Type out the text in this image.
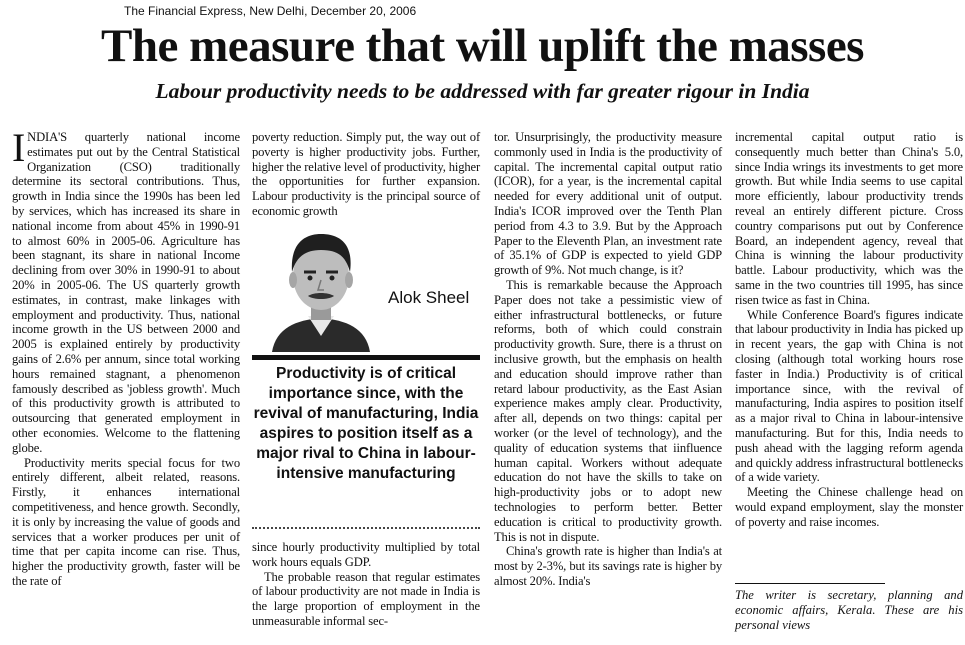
The Financial Express, New Delhi, December 20, 2006
The measure that will uplift the masses
Labour productivity needs to be addressed with far greater rigour in India

INDIA'S quarterly national income estimates put out by the Central Statistical Organization (CSO) traditionally determine its sectoral contributions. Thus, growth in India since the 1990s has been led by services, which has increased its share in national income from about 45% in 1990-91 to almost 60% in 2005-06. Agriculture has been stagnant, its share in national Income declining from over 30% in 1990-91 to about 20% in 2005-06. The US quarterly growth estimates, in contrast, make linkages with employment and productivity. Thus, national income growth in the US between 2000 and 2005 is explained entirely by productivity gains of 2.6% per annum, since total working hours remained stagnant, a phenomenon famously described as 'jobless growth'. Much of this productivity growth is attributed to outsourcing that generated employment in other economies. Welcome to the flattening globe.

Productivity merits special focus for two entirely different, albeit related, reasons. Firstly, it enhances international competitiveness, and hence growth. Secondly, it is only by increasing the value of goods and services that a worker produces per unit of time that per capita income can rise. Thus, higher the productivity growth, faster will be the rate of

poverty reduction. Simply put, the way out of poverty is higher productivity jobs. Further, higher the relative level of productivity, higher the opportunities for further expansion. Labour productivity is the principal source of economic growth

since hourly productivity multiplied by total work hours equals GDP.

The probable reason that regular estimates of labour productivity are not made in India is the large proportion of employment in the unmeasurable informal sec-

Alok Sheel
Productivity is of critical importance since, with the revival of manufacturing, India aspires to position itself as a major rival to China in labour-intensive manufacturing

tor. Unsurprisingly, the productivity measure commonly used in India is the productivity of capital. The incremental capital output ratio (ICOR), for a year, is the incremental capital needed for every additional unit of output. India's ICOR improved over the Tenth Plan period from 4.3 to 3.9. But by the Approach Paper to the Eleventh Plan, an investment rate of 35.1% of GDP is expected to yield GDP growth of 9%. Not much change, is it?

This is remarkable because the Approach Paper does not take a pessimistic view of either infrastructural bottlenecks, or future reforms, both of which could constrain productivity growth. Sure, there is a thrust on inclusive growth, but the emphasis on health and education should improve rather than retard labour productivity, as the East Asian experience makes amply clear. Productivity, after all, depends on two things: capital per worker (or the level of technology), and the quality of education systems that iinfluence human capital. Workers without adequate education do not have the skills to take on high-productivity jobs or to adopt new technologies to perform better. Better education is critical to productivity growth. This is not in dispute.

China's growth rate is higher than India's at most by 2-3%, but its savings rate is higher by almost 20%. India's

incremental capital output ratio is consequently much better than China's 5.0, since India wrings its investments to get more growth. But while India seems to use capital more efficiently, labour productivity trends reveal an entirely different picture. Cross country comparisons put out by Conference Board, an independent agency, reveal that China is winning the labour productivity battle. Labour productivity, which was the same in the two countries till 1995, has since risen twice as fast in China.

While Conference Board's figures indicate that labour productivity in India has picked up in recent years, the gap with China is not closing (although total working hours rose faster in India.) Productivity is of critical importance since, with the revival of manufacturing, India aspires to position itself as a major rival to China in labour-intensive manufacturing. But for this, India needs to push ahead with the lagging reform agenda and quickly address infrastructural bottlenecks of a wide variety.

Meeting the Chinese challenge head on would expand employment, slay the monster of poverty and raise incomes.

The writer is secretary, planning and economic affairs, Kerala. These are his personal views
